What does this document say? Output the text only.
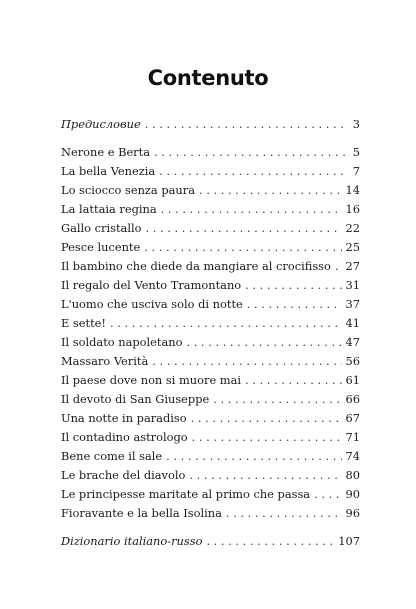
Contenuto
Предисловие . . .	3
Nerone e Berta . . .	5
La bella Venezia . . .	7
Lo sciocco senza paura . . .	14
La lattaia regina . . .	16
Gallo cristallo . . .	22
Pesce lucente . . .	25
Il bambino che diede da mangiare al crocifisso . . . 27
Il regalo del Vento Tramontano . . .	31
L'uomo che usciva solo di notte . . .	37
E sette! . . .	41
Il soldato napoletano . . .	47
Massaro Verità . . .	56
Il paese dove non si muore mai . . .	61
Il devoto di San Giuseppe . . .	66
Una notte in paradiso . . .	67
Il contadino astrologo . . .	71
Bene come il sale . . .	74
Le brache del diavolo . . .	80
Le principesse maritate al primo che passa . . .	90
Fioravante e la bella Isolina . . .	96
Dizionario italiano-russo . . .	107
